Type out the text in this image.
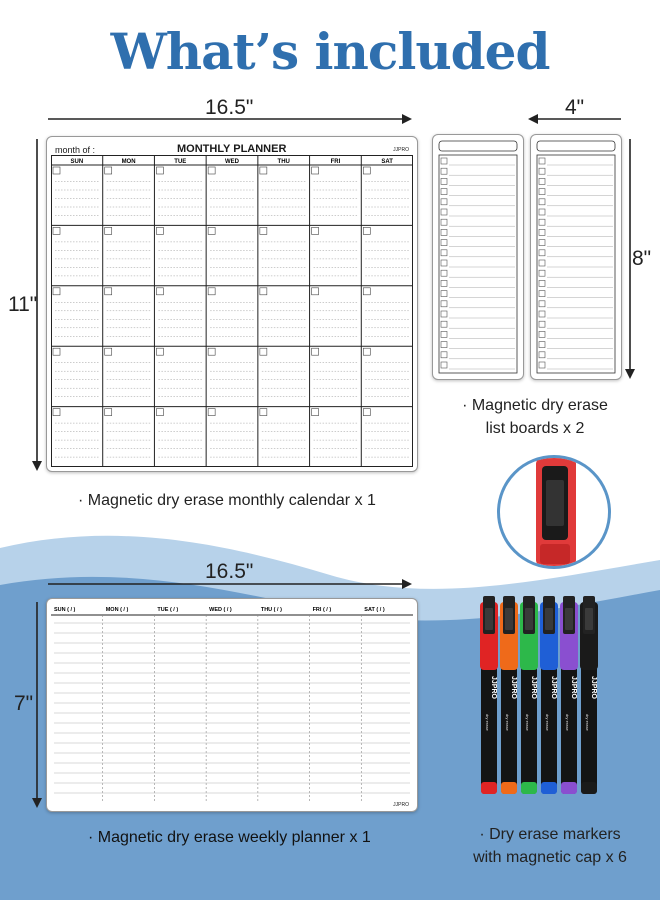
What’s included
16.5"
11"
month of :	MONTHLY PLANNER	JJPRO
SUN	MON	TUE	WED	THU	FRI	SAT
· Magnetic dry erase monthly calendar x 1
4"
8"
· Magnetic dry erase
list boards x 2
16.5"
7"
SUN ( / )	MON ( / )	TUE ( / )	WED ( / )	THU ( / )	FRI ( / )	SAT ( / )
JJPRO
· Magnetic dry erase weekly planner x 1
JJPRO
dry erase
JJPRO
dry erase
JJPRO
dry erase
JJPRO
dry erase
JJPRO
dry erase
JJPRO
dry erase
· Dry erase markers
with magnetic cap x 6
